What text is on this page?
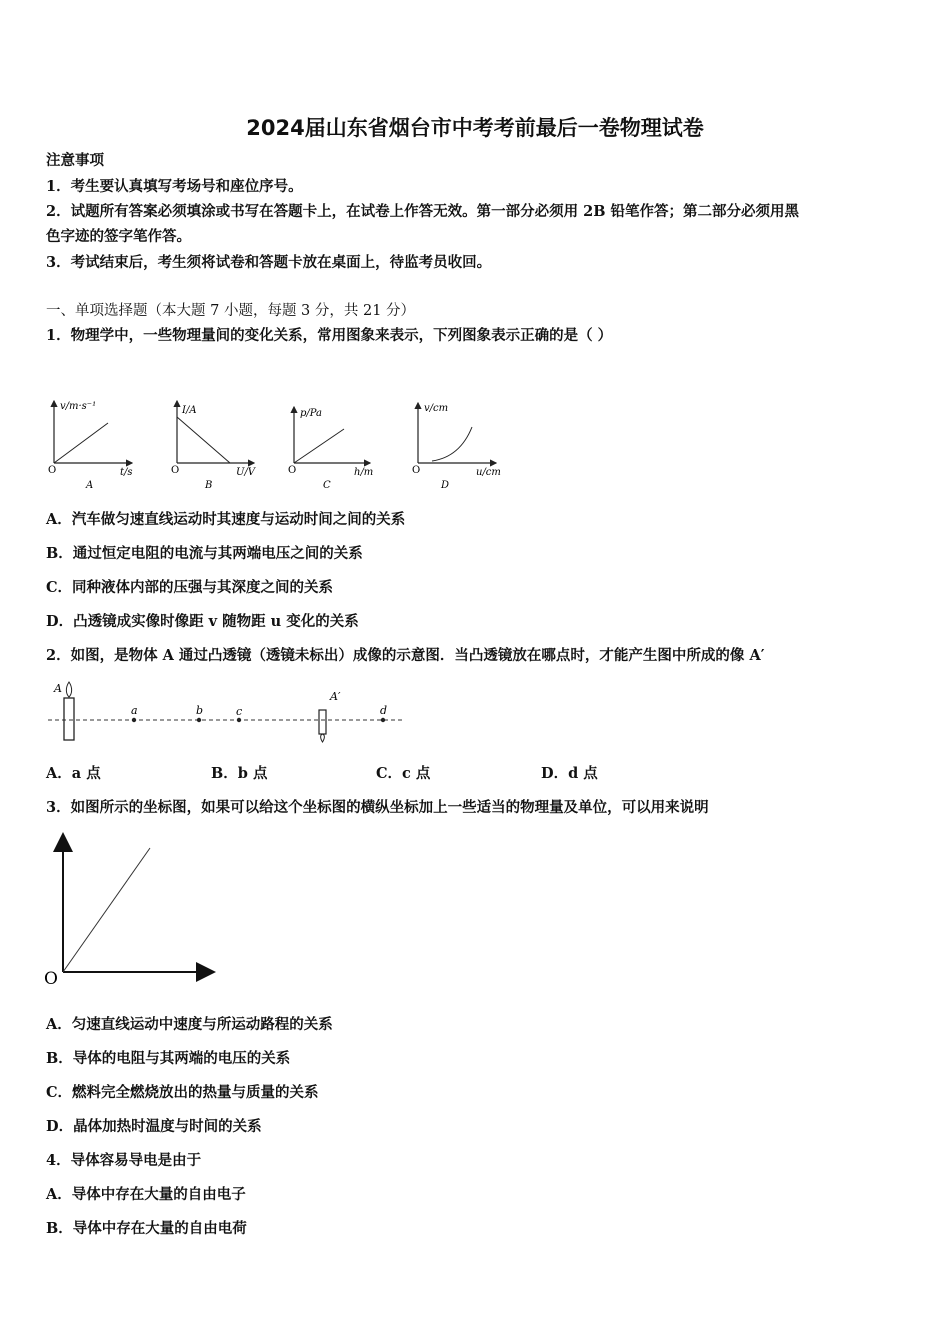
2024届山东省烟台市中考考前最后一卷物理试卷
注意事项
1．考生要认真填写考场号和座位序号。
2．试题所有答案必须填涂或书写在答题卡上，在试卷上作答无效。第一部分必须用 2B 铅笔作答；第二部分必须用黑
色字迹的签字笔作答。
3．考试结束后，考生须将试卷和答题卡放在桌面上，待监考员收回。
一、单项选择题（本大题 7 小题，每题 3 分，共 21 分）
1．物理学中，一些物理量间的变化关系，常用图象来表示，下列图象表示正确的是（ ）
v/m·s⁻¹
t/s
O
A
I/A
U/V
O
B
p/Pa
h/m
O
C
v/cm
u/cm
O
D
A．汽车做匀速直线运动时其速度与运动时间之间的关系
B．通过恒定电阻的电流与其两端电压之间的关系
C．同种液体内部的压强与其深度之间的关系
D．凸透镜成实像时像距 v 随物距 u 变化的关系
2．如图，是物体 A 通过凸透镜（透镜未标出）成像的示意图．当凸透镜放在哪点时，才能产生图中所成的像 A′
A
A′
a	b	c	d
A．a 点	B．b 点	C．c 点	D．d 点
3．如图所示的坐标图，如果可以给这个坐标图的横纵坐标加上一些适当的物理量及单位，可以用来说明
O
A．匀速直线运动中速度与所运动路程的关系
B．导体的电阻与其两端的电压的关系
C．燃料完全燃烧放出的热量与质量的关系
D．晶体加热时温度与时间的关系
4．导体容易导电是由于
A．导体中存在大量的自由电子
B．导体中存在大量的自由电荷
